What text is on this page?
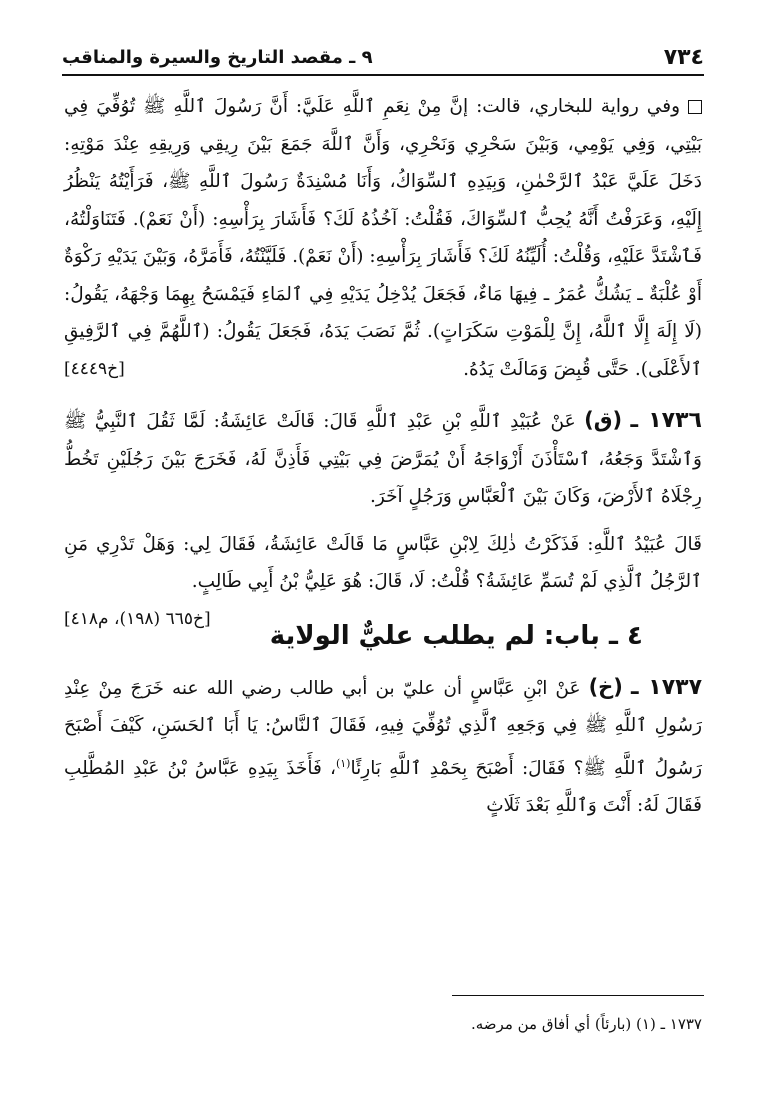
٧٣٤
٩ ـ مقصد التاريخ والسيرة والمناقب

وفي رواية للبخاري، قالت: إنَّ مِنْ نِعَمِ ٱللَّهِ عَلَيَّ: أَنَّ رَسُولَ ٱللَّهِ ﷺ تُوُفِّيَ فِي بَيْتِي، وَفِي يَوْمِي، وَبَيْنَ سَحْرِي وَنَحْرِي، وَأَنَّ ٱللَّهَ جَمَعَ بَيْنَ رِيقِي وَرِيقِهِ عِنْدَ مَوْتِهِ: دَخَلَ عَلَيَّ عَبْدُ ٱلرَّحْمٰنِ، وَبِيَدِهِ ٱلسِّوَاكُ، وَأَنَا مُسْنِدَةٌ رَسُولَ ٱللَّهِ ﷺ، فَرَأَيْتُهُ يَنْظُرُ إِلَيْهِ، وَعَرَفْتُ أَنَّهُ يُحِبُّ ٱلسِّوَاكَ، فَقُلْتُ: آخُذُهُ لَكَ؟ فَأَشَارَ بِرَأْسِهِ: (أَنْ نَعَمْ). فَتَنَاوَلْتُهُ، فَٱشْتَدَّ عَلَيْهِ، وَقُلْتُ: أُلَيِّنُهُ لَكَ؟ فَأَشَارَ بِرَأْسِهِ: (أَنْ نَعَمْ). فَلَيَّنْتُهُ، فَأَمَرَّهُ، وَبَيْنَ يَدَيْهِ رَكْوَةٌ أَوْ عُلْبَةٌ ـ يَشُكُّ عُمَرُ ـ فِيهَا مَاءٌ، فَجَعَلَ يُدْخِلُ يَدَيْهِ فِي ٱلمَاءِ فَيَمْسَحُ بِهِمَا وَجْهَهُ، يَقُولُ: (لَا إِلَهَ إِلَّا ٱللَّهُ، إِنَّ لِلْمَوْتِ سَكَرَاتٍ). ثُمَّ نَصَبَ يَدَهُ، فَجَعَلَ يَقُولُ: (ٱللَّهُمَّ فِي ٱلرَّفِيقِ ٱلأَعْلَى). حَتَّى قُبِضَ وَمَالَتْ يَدُهُ.
[خ٤٤٤٩]

١٧٣٦ ـ (ق) عَنْ عُبَيْدِ ٱللَّهِ بْنِ عَبْدِ ٱللَّهِ قَالَ: قَالَتْ عَائِشَةُ: لَمَّا ثَقُلَ ٱلنَّبِيُّ ﷺ وَٱشْتَدَّ وَجَعُهُ، ٱسْتَأْذَنَ أَزْوَاجَهُ أَنْ يُمَرَّضَ فِي بَيْتِي فَأَذِنَّ لَهُ، فَخَرَجَ بَيْنَ رَجُلَيْنِ تَخُطُّ رِجْلَاهُ ٱلأَرْضَ، وَكَانَ بَيْنَ ٱلْعَبَّاسِ وَرَجُلٍ آخَرَ.

قَالَ عُبَيْدُ ٱللَّهِ: فَذَكَرْتُ ذٰلِكَ لِابْنِ عَبَّاسٍ مَا قَالَتْ عَائِشَةُ، فَقَالَ لِي: وَهَلْ تَدْرِي مَنِ ٱلرَّجُلُ ٱلَّذِي لَمْ تُسَمِّ عَائِشَةُ؟ قُلْتُ: لَا، قَالَ: هُوَ عَلِيُّ بْنُ أَبِي طَالِبٍ.
[خ٦٦٥ (١٩٨)، م٤١٨]

٤ ـ باب: لم يطلب عليٌّ الولاية

١٧٣٧ ـ (خ) عَنْ ابْنِ عَبَّاسٍ أن عليّ بن أبي طالب رضي الله عنه خَرَجَ مِنْ عِنْدِ رَسُولِ ٱللَّهِ ﷺ فِي وَجَعِهِ ٱلَّذِي تُوُفِّيَ فِيهِ، فَقَالَ ٱلنَّاسُ: يَا أَبَا ٱلحَسَنِ، كَيْفَ أَصْبَحَ رَسُولُ ٱللَّهِ ﷺ؟ فَقَالَ: أَصْبَحَ بِحَمْدِ ٱللَّهِ بَارِئًا$^{(١)}$، فَأَخَذَ بِيَدِهِ عَبَّاسُ بْنُ عَبْدِ المُطَّلِبِ فَقَالَ لَهُ: أَنْتَ وَٱللَّهِ بَعْدَ ثَلَاثٍ

١٧٣٧ ـ (١) (بارئاً) أي أفاق من مرضه.
